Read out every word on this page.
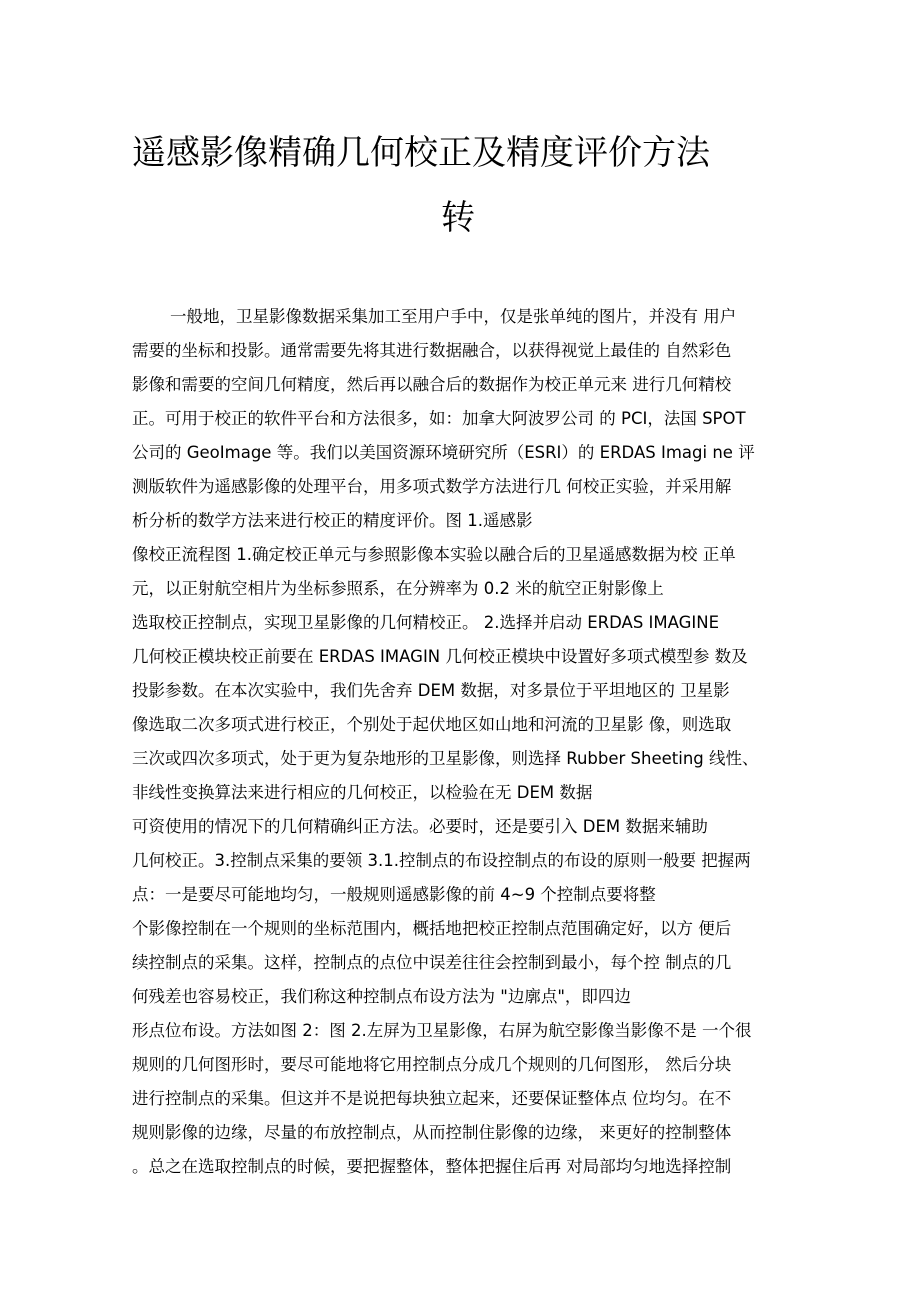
遥感影像精确几何校正及精度评价方法
转
一般地，卫星影像数据采集加工至用户手中，仅是张单纯的图片，并没有 用户
需要的坐标和投影。通常需要先将其进行数据融合，以获得视觉上最佳的 自然彩色
影像和需要的空间几何精度，然后再以融合后的数据作为校正单元来 进行几何精校
正。可用于校正的软件平台和方法很多，如：加拿大阿波罗公司 的 PCI，法国 SPOT
公司的 GeoImage 等。我们以美国资源环境研究所（ESRI）的 ERDAS Imagi ne 评
测版软件为遥感影像的处理平台，用多项式数学方法进行几 何校正实验，并采用解
析分析的数学方法来进行校正的精度评价。图 1.遥感影
像校正流程图 1.确定校正单元与参照影像本实验以融合后的卫星遥感数据为校 正单
元，以正射航空相片为坐标参照系，在分辨率为 0.2 米的航空正射影像上
选取校正控制点，实现卫星影像的几何精校正。 2.选择并启动 ERDAS IMAGINE
几何校正模块校正前要在 ERDAS IMAGIN 几何校正模块中设置好多项式模型参 数及
投影参数。在本次实验中，我们先舍弃 DEM 数据，对多景位于平坦地区的 卫星影
像选取二次多项式进行校正，个别处于起伏地区如山地和河流的卫星影 像，则选取
三次或四次多项式，处于更为复杂地形的卫星影像，则选择 Rubber Sheeting 线性、
非线性变换算法来进行相应的几何校正，以检验在无 DEM 数据
可资使用的情况下的几何精确纠正方法。必要时，还是要引入 DEM 数据来辅助
几何校正。3.控制点采集的要领 3.1.控制点的布设控制点的布设的原则一般要 把握两
点：一是要尽可能地均匀，一般规则遥感影像的前 4~9 个控制点要将整
个影像控制在一个规则的坐标范围内，概括地把校正控制点范围确定好，以方 便后
续控制点的采集。这样，控制点的点位中误差往往会控制到最小，每个控 制点的几
何残差也容易校正，我们称这种控制点布设方法为 "边廓点"，即四边
形点位布设。方法如图 2：图 2.左屏为卫星影像，右屏为航空影像当影像不是 一个很
规则的几何图形时，要尽可能地将它用控制点分成几个规则的几何图形， 然后分块
进行控制点的采集。但这并不是说把每块独立起来，还要保证整体点 位均匀。在不
规则影像的边缘，尽量的布放控制点，从而控制住影像的边缘， 来更好的控制整体
。总之在选取控制点的时候，要把握整体，整体把握住后再 对局部均匀地选择控制
